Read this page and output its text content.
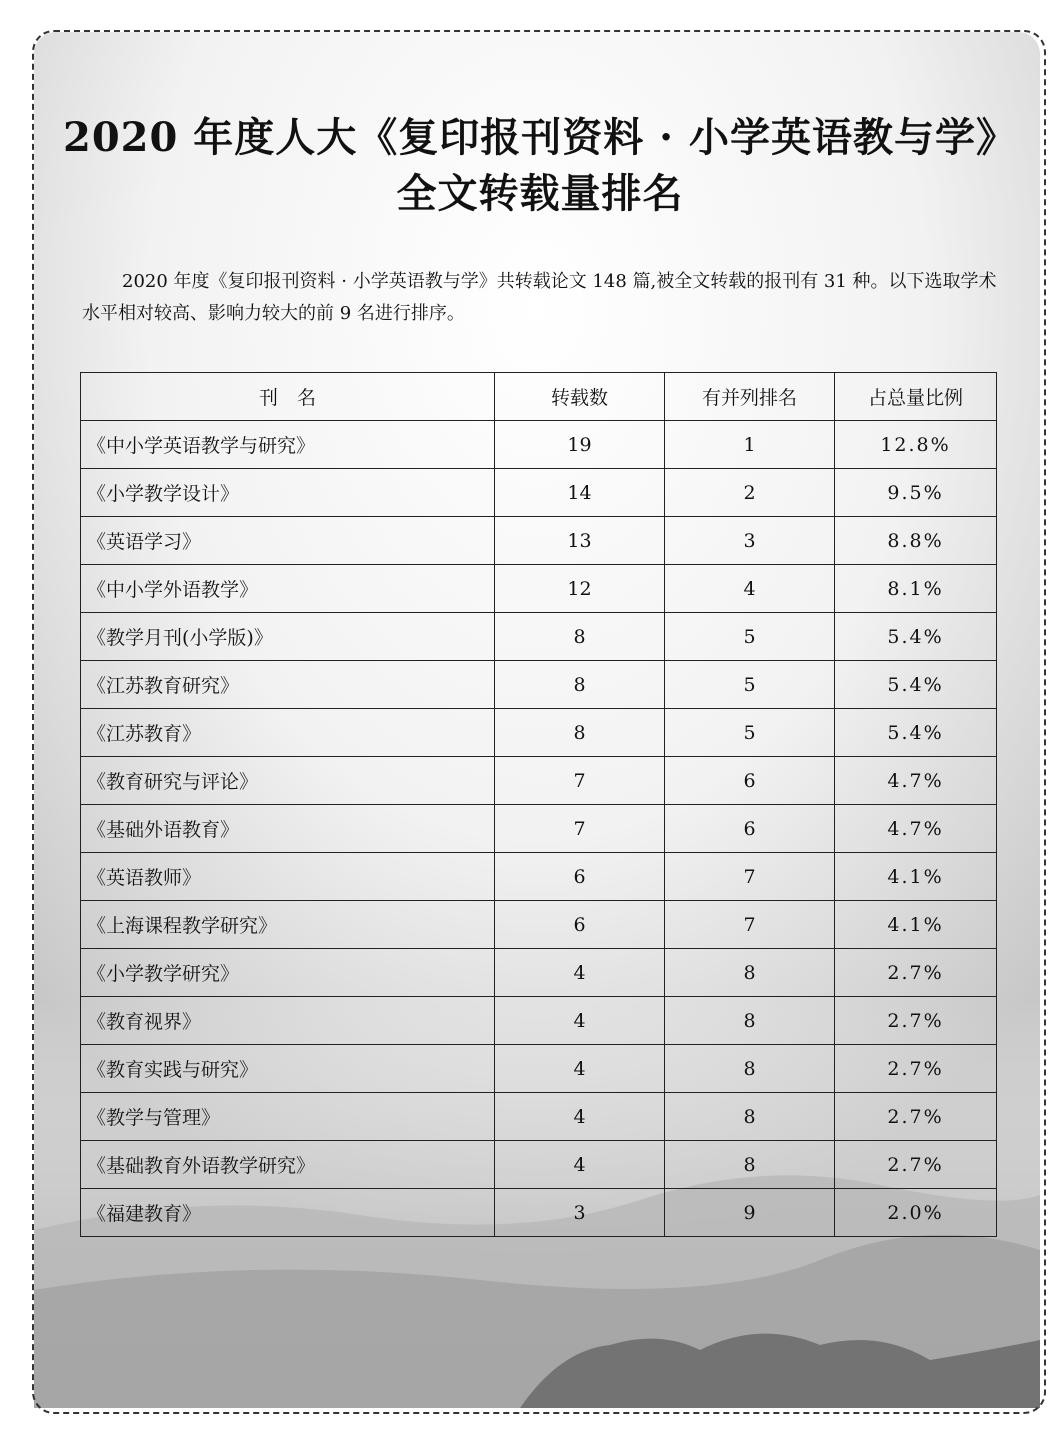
2020 年度人大《复印报刊资料 · 小学英语教与学》
全文转载量排名

2020 年度《复印报刊资料 · 小学英语教与学》共转载论文 148 篇,被全文转载的报刊有 31 种。以下选取学术水平相对较高、影响力较大的前 9 名进行排序。

刊　名	转载数	有并列排名	占总量比例
《中小学英语教学与研究》	19	1	12.8%
《小学教学设计》	14	2	9.5%
《英语学习》	13	3	8.8%
《中小学外语教学》	12	4	8.1%
《教学月刊(小学版)》	8	5	5.4%
《江苏教育研究》	8	5	5.4%
《江苏教育》	8	5	5.4%
《教育研究与评论》	7	6	4.7%
《基础外语教育》	7	6	4.7%
《英语教师》	6	7	4.1%
《上海课程教学研究》	6	7	4.1%
《小学教学研究》	4	8	2.7%
《教育视界》	4	8	2.7%
《教育实践与研究》	4	8	2.7%
《教学与管理》	4	8	2.7%
《基础教育外语教学研究》	4	8	2.7%
《福建教育》	3	9	2.0%
